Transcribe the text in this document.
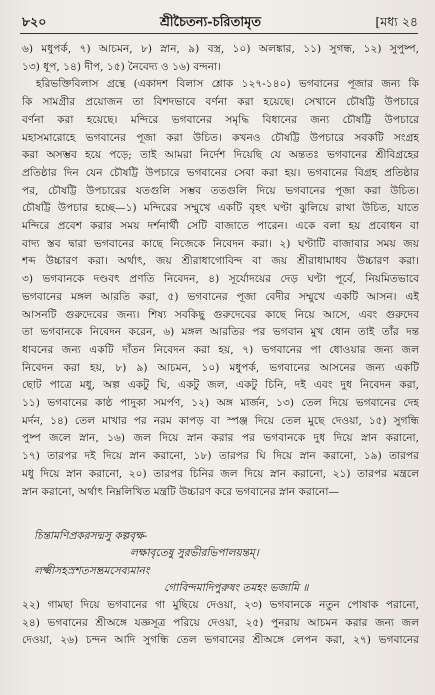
৮২০	শ্রীচৈতন্য-চরিতামৃত	[মধ্য ২৪
৬) মধুপর্ক, ৭) আচমন, ৮) স্নান, ৯) বস্ত্র, ১০) অলঙ্কার, ১১) সুগন্ধ, ১২) সুপুষ্প,
১৩) ধূপ, ১৪) দীপ, ১৫) নৈবেদ্য ও ১৬) বন্দনা।
হরিভক্তিবিলাস গ্রন্থে (একাদশ বিলাস শ্লোক ১২৭-১৪০) ভগবানের পূজার জন্য কি
কি সামগ্রীর প্রয়োজন তা বিশদভাবে বর্ণনা করা হয়েছে। সেখানে চৌষট্টি উপচারে
বর্ণনা করা হয়েছে। মন্দিরে ভগবানের সমৃদ্ধি বিধানের জন্য চৌষট্টি উপচারে
মহাসমারোহে ভগবানের পূজা করা উচিত। কখনও চৌষট্টি উপচারে সবকটি সংগ্রহ
করা অসম্ভব হয়ে পড়ে; তাই আমরা নির্দেশ দিয়েছি যে অন্ততঃ ভগবানের শ্রীবিগ্রহের
প্রতিষ্ঠার দিন যেন চৌষট্টি উপচারে ভগবানের সেবা করা হয়। ভগবানের বিগ্রহ প্রতিষ্ঠার
পর, চৌষট্টি উপচারের যতগুলি সম্ভব ততগুলি দিয়ে ভগবানের পূজা করা উচিত।
চৌষট্টি উপচার হচ্ছে—১) মন্দিরের সম্মুখে একটি বৃহৎ ঘণ্টা ঝুলিয়ে রাখা উচিত, যাতে
মন্দিরে প্রবেশ করার সময় দর্শনার্থী সেটি বাজাতে পারেন। একে বলা হয় প্রবোধন বা
বাদ্য স্তব দ্বারা ভগবানের কাছে নিজেকে নিবেদন করা। ২) ঘণ্টাটি বাজাবার সময় জয়
শব্দ উচ্চারণ করা। অর্থাৎ, জয় শ্রীরাধাগোবিন্দ বা জয় শ্রীরাধামাধব উচ্চারণ করা।
৩) ভগবানকে দণ্ডবৎ প্রণতি নিবেদন, ৪) সূর্যোদয়ের দেড় ঘণ্টা পূর্বে, নিয়মিতভাবে
ভগবানের মঙ্গল আরতি করা, ৫) ভগবানের পূজা বেদীর সম্মুখে একটি আসন। এই
আসনটি গুরুদেবের জন্য। শিষ্য সবকিছু গুরুদেবের কাছে নিয়ে আসে, এবং গুরুদেব
তা ভগবানকে নিবেদন করেন, ৬) মঙ্গল আরতির পর ভগবান মুখ ধোন তাই তাঁর দন্ত
ধাবনের জন্য একটি দাঁতন নিবেদন করা হয়, ৭) ভগবানের পা ধোওয়ার জন্য জল
নিবেদন করা হয়, ৮) ৯) আচমন, ১০) মধুপর্ক, ভগবানের আসনের জন্য একটি
ছোট পাত্রে মধু, অল্প একটু ঘি, একটু জল, একটু চিনি, দই এবং দুধ নিবেদন করা,
১১) ভগবানের কাষ্ঠ পাদুকা সমর্পণ, ১২) অঙ্গ মার্জন, ১৩) তেল দিয়ে ভগবানের দেহ
মর্দন, ১৪) তেল মাখার পর নরম কাপড় বা স্পঞ্জ দিয়ে তেল মুছে দেওয়া, ১৫) সুগন্ধি
পুষ্প জলে স্নান, ১৬) জল দিয়ে স্নান করার পর ভগবানকে দুধ দিয়ে স্নান করানো,
১৭) তারপর দই দিয়ে স্নান করানো, ১৮) তারপর ঘি দিয়ে স্নান করানো, ১৯) তারপর
মধু দিয়ে স্নান করানো, ২০) তারপর চিনির জল দিয়ে স্নান করানো, ২১) তারপর মন্ত্রলে
স্নান করানো, অর্থাৎ নিম্নলিখিত মন্ত্রটি উচ্চারণ করে ভগবানের স্নান করানো—
চিন্তামণিপ্রকরসদ্মসু কল্পবৃক্ষ-
লক্ষাবৃতেষু সুরভীরভিপালয়ন্তম্‌।
লক্ষ্মীসহস্রশতসম্ভ্রমসেব্যমানং
গোবিন্দমাদিপুরুষং তমহং ভজামি ॥
২২) গামছা দিয়ে ভগবানের গা মুছিয়ে দেওয়া, ২৩) ভগবানকে নতুন পোষাক পরানো,
২৪) ভগবানের শ্রীঅঙ্গে যজ্ঞসূত্র পরিয়ে দেওয়া, ২৫) পুনরায় আচমন করার জন্য জল
দেওয়া, ২৬) চন্দন আদি সুগন্ধি তেল ভগবানের শ্রীঅঙ্গে লেপন করা, ২৭) ভগবানের
